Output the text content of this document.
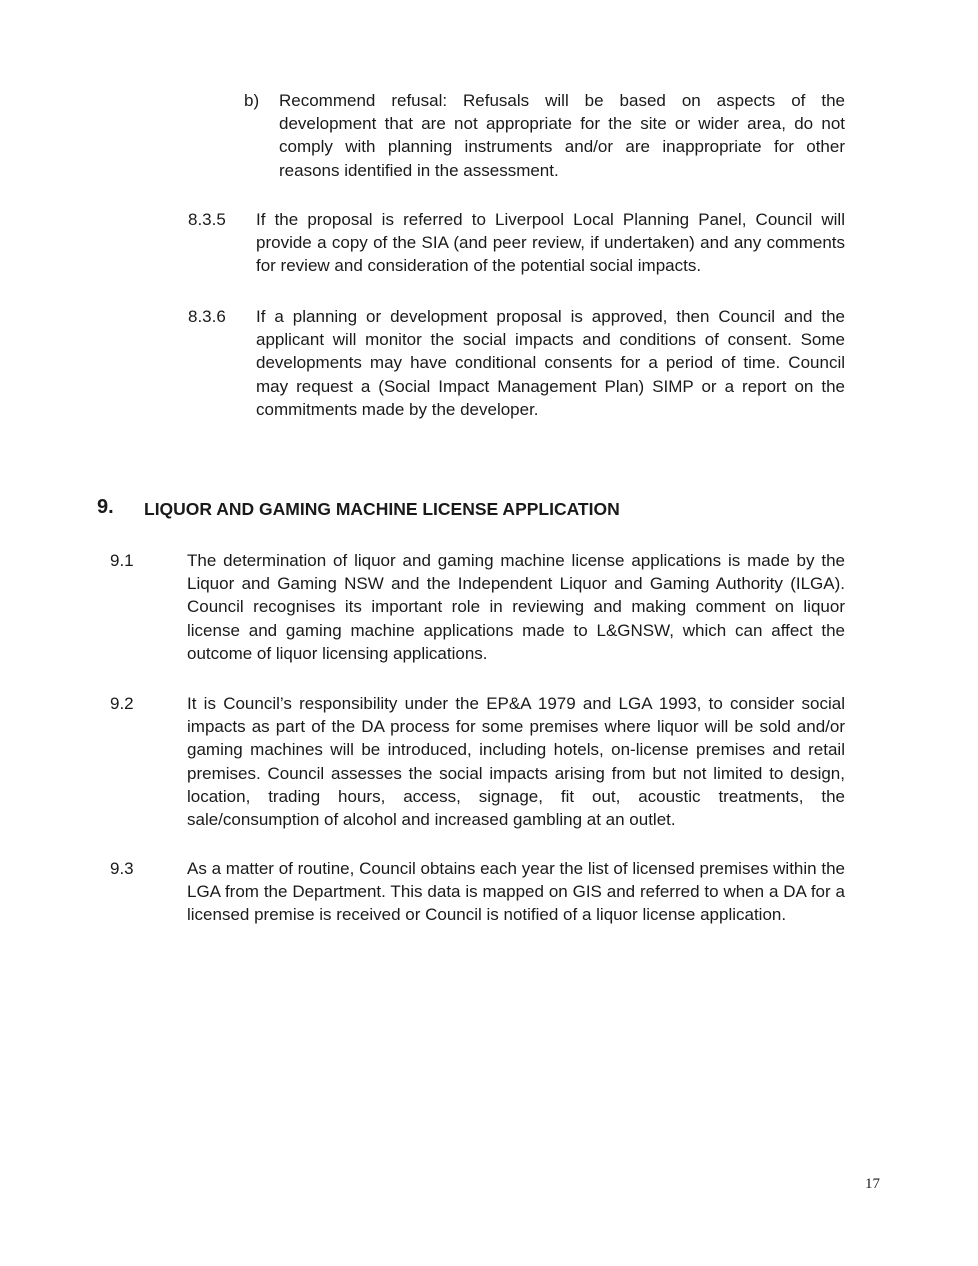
b) Recommend refusal: Refusals will be based on aspects of the development that are not appropriate for the site or wider area, do not comply with planning instruments and/or are inappropriate for other reasons identified in the assessment.
8.3.5 If the proposal is referred to Liverpool Local Planning Panel, Council will provide a copy of the SIA (and peer review, if undertaken) and any comments for review and consideration of the potential social impacts.
8.3.6 If a planning or development proposal is approved, then Council and the applicant will monitor the social impacts and conditions of consent. Some developments may have conditional consents for a period of time. Council may request a (Social Impact Management Plan) SIMP or a report on the commitments made by the developer.
9. LIQUOR AND GAMING MACHINE LICENSE APPLICATION
9.1	The determination of liquor and gaming machine license applications is made by the Liquor and Gaming NSW and the Independent Liquor and Gaming Authority (ILGA). Council recognises its important role in reviewing and making comment on liquor license and gaming machine applications made to L&GNSW, which can affect the outcome of liquor licensing applications.
9.2	It is Council’s responsibility under the EP&A 1979 and LGA 1993, to consider social impacts as part of the DA process for some premises where liquor will be sold and/or gaming machines will be introduced, including hotels, on-license premises and retail premises. Council assesses the social impacts arising from but not limited to design, location, trading hours, access, signage, fit out, acoustic treatments, the sale/consumption of alcohol and increased gambling at an outlet.
9.3	As a matter of routine, Council obtains each year the list of licensed premises within the LGA from the Department. This data is mapped on GIS and referred to when a DA for a licensed premise is received or Council is notified of a liquor license application.
17
